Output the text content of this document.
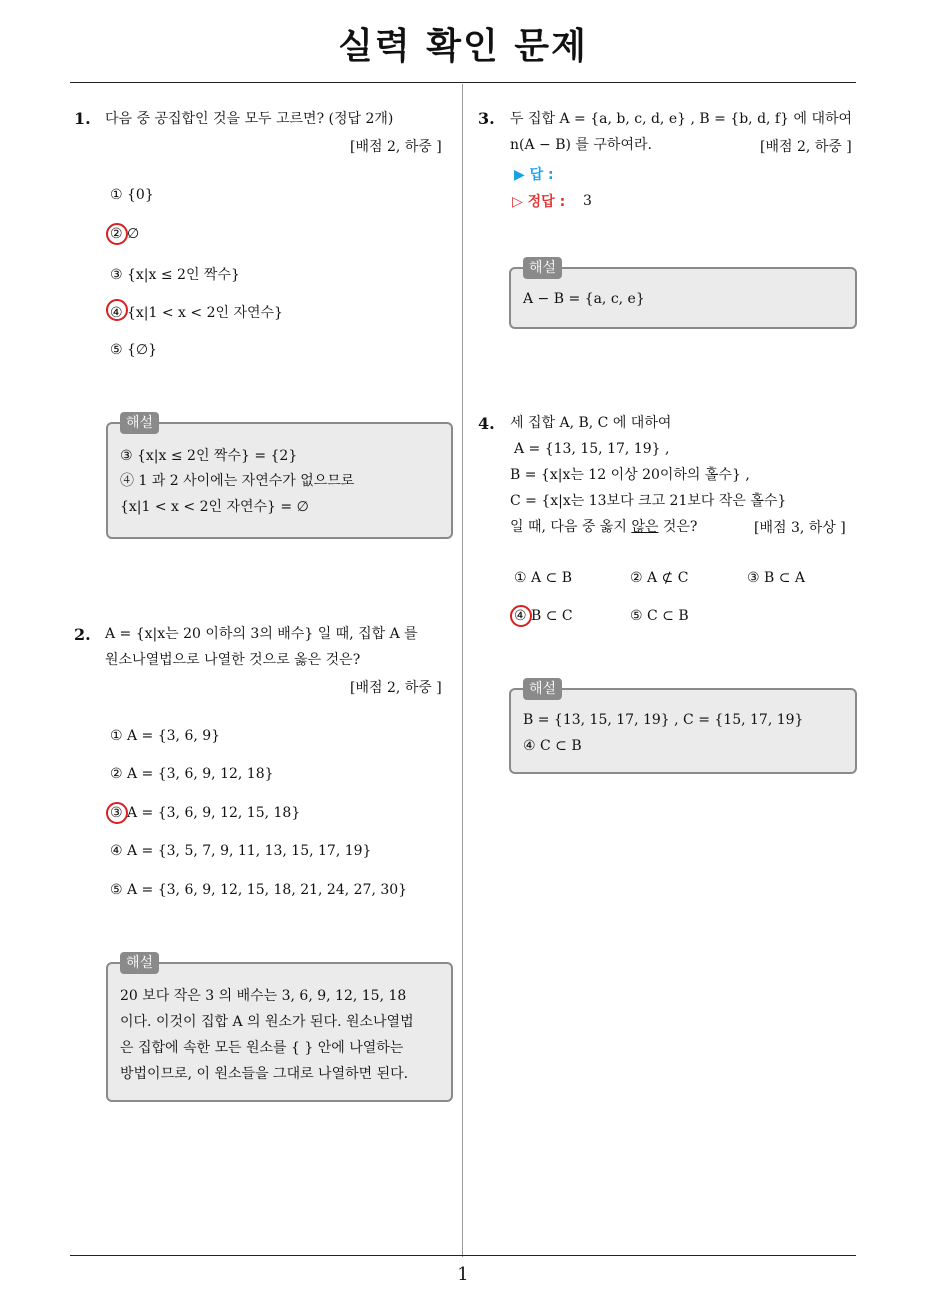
실력 확인 문제
1. 다음 중 공집합인 것을 모두 고르면? (정답 2개)
[배점 2, 하중 ]
① {0}
② ∅
③ {x|x ≤ 2인 짝수}
④ {x|1 < x < 2인 자연수}
⑤ {∅}
해설
③ {x|x ≤ 2인 짝수} = {2}
④ 1 과 2 사이에는 자연수가 없으므로
{x|1 < x < 2인 자연수} = ∅
2. A = {x|x는 20 이하의 3의 배수} 일 때, 집합 A 를
원소나열법으로 나열한 것으로 옳은 것은?
[배점 2, 하중 ]
① A = {3, 6, 9}
② A = {3, 6, 9, 12, 18}
③ A = {3, 6, 9, 12, 15, 18}
④ A = {3, 5, 7, 9, 11, 13, 15, 17, 19}
⑤ A = {3, 6, 9, 12, 15, 18, 21, 24, 27, 30}
해설
20 보다 작은 3 의 배수는 3, 6, 9, 12, 15, 18
이다. 이것이 집합 A 의 원소가 된다. 원소나열법
은 집합에 속한 모든 원소를 { } 안에 나열하는
방법이므로, 이 원소들을 그대로 나열하면 된다.
3. 두 집합 A = {a, b, c, d, e} , B = {b, d, f} 에 대하여
n(A − B) 를 구하여라.	[배점 2, 하중 ]
▶ 답 :
▷ 정답 : 3
해설
A − B = {a, c, e}
4. 세 집합 A, B, C 에 대하여
A = {13, 15, 17, 19} ,
B = {x|x는 12 이상 20이하의 홀수} ,
C = {x|x는 13보다 크고 21보다 작은 홀수}
일 때, 다음 중 옳지 않은 것은?	[배점 3, 하상 ]
① A ⊂ B	② A ⊄ C	③ B ⊂ A
④ B ⊂ C	⑤ C ⊂ B
해설
B = {13, 15, 17, 19} , C = {15, 17, 19}
④ C ⊂ B
1
